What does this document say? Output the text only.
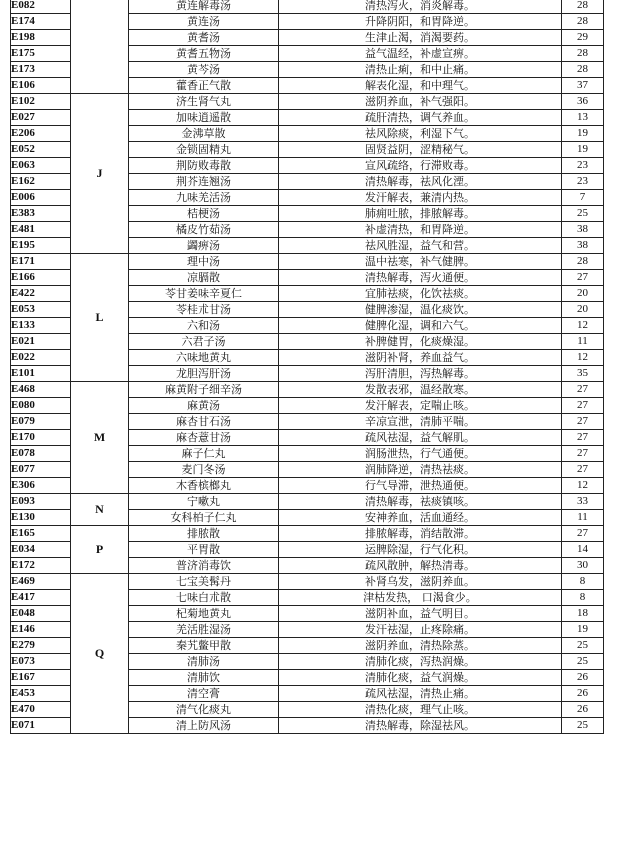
E082		黄连解毒汤	清热泻火，消炎解毒。	28
E174		黄连汤	升降阴阳，和胃降逆。	28
E198		黄耆汤	生津止渴，消渴要药。	29
E175		黄耆五物汤	益气温经，补虚宣痹。	28
E173		黄芩汤	清热止痢，和中止痛。	28
E106		藿香正气散	解表化湿，和中理气。	37
E102	J	济生肾气丸	滋阴养血，补气强阳。	36
E027		加味逍遥散	疏肝清热，调气养血。	13
E206		金沸草散	祛风除痰，利湿下气。	19
E052		金锁固精丸	固贤益阴，涩精秘气。	19
E063		荆防败毒散	宣风疏络，行滞败毒。	23
E162		荆芥连翘汤	清热解毒，祛风化湮。	23
E006		九味羌活汤	发汗解表，兼清内热。	7
E383		桔梗汤	肺痈吐脓，排脓解毒。	25
E481		橘皮竹茹汤	补虚清热，和胃降逆。	38
E195		蠲痹汤	祛风胜湿，益气和营。	38
E171	L	理中汤	温中祛寒，补气健脾。	28
E166		凉膈散	清热解毒，泻火通便。	27
E422		苓甘姜味辛夏仁	宜肺祛痰，化饮祛痰。	20
E053		苓桂朮甘汤	健脾渗湿，温化痰饮。	20
E133		六和汤	健脾化湿，调和六气。	12
E021		六君子汤	补脾健胃，化痰燥湿。	11
E022		六味地黄丸	滋阴补肾，养血益气。	12
E101		龙胆泻肝汤	泻肝清胆，泻热解毒。	35
E468	M	麻黄附子细辛汤	发散表邪，温经散寒。	27
E080		麻黄汤	发汗解表，定喘止咳。	27
E079		麻杏甘石汤	辛凉宣泄，清肺平喘。	27
E170		麻杏薏甘汤	疏风祛湿，益气解肌。	27
E078		麻子仁丸	润肠泄热，行气通便。	27
E077		麦门冬汤	润肺降逆，清热祛痰。	27
E306		木香槟榔丸	行气导滞，泄热通便。	12
E093	N	宁嗽丸	清热解毒，祛痰镇咳。	33
E130		女科柏子仁丸	安神养血，活血通经。	11
E165	P	排脓散	排脓解毒，消结散滞。	27
E034		平胃散	运脾除湿，行气化积。	14
E172		普济消毒饮	疏风散肿，解热清毒。	30
E469	Q	七宝美髯丹	补肾乌发，滋阴养血。	8
E417		七味白朮散	津枯发热， 口渴食少。	8
E048		杞菊地黄丸	滋阴补血，益气明目。	18
E146		羌活胜湿汤	发汗祛湿，止疼除痛。	19
E279		秦艽鳖甲散	滋阴养血，清热除蒸。	25
E073		清肺汤	清肺化痰，泻热润燥。	25
E167		清肺饮	清肺化痰，益气润燥。	26
E453		清空膏	疏风祛湿，清热止痛。	26
E470		清气化痰丸	清热化痰，理气止咳。	26
E071		清上防风汤	清热解毒，除湿祛风。	25
